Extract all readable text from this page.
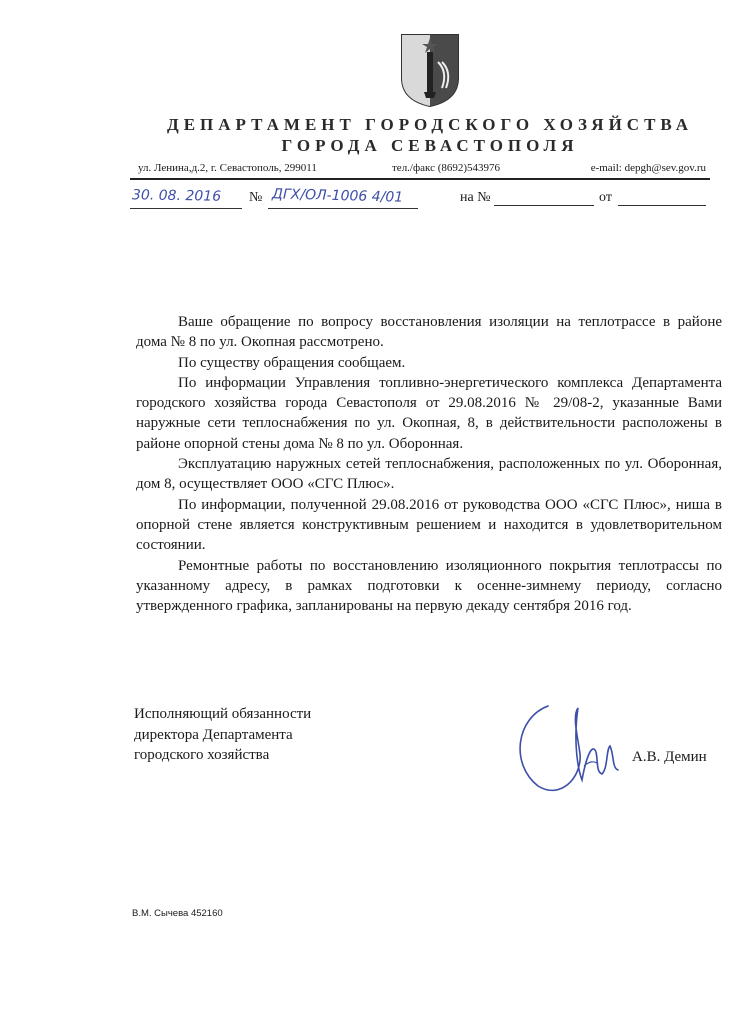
ДЕПАРТАМЕНТ ГОРОДСКОГО ХОЗЯЙСТВА
ГОРОДА СЕВАСТОПОЛЯ
ул. Ленина,д.2, г. Севастополь, 299011	тел./факс (8692)543976	e-mail: depgh@sev.gov.ru
30. 08. 2016 № ДГХ/ОЛ-1006 4/01	на №	от

Ваше обращение по вопросу восстановления изоляции на теплотрассе в районе дома № 8 по ул. Окопная рассмотрено.

По существу обращения сообщаем.

По информации Управления топливно-энергетического комплекса Департамента городского хозяйства города Севастополя от 29.08.2016 № 29/08-2, указанные Вами наружные сети теплоснабжения по ул. Окопная, 8, в действительности расположены в районе опорной стены дома № 8 по ул. Оборонная.

Эксплуатацию наружных сетей теплоснабжения, расположенных по ул. Оборонная, дом 8, осуществляет ООО «СГС Плюс».

По информации, полученной 29.08.2016 от руководства ООО «СГС Плюс», ниша в опорной стене является конструктивным решением и находится в удовлетворительном состоянии.

Ремонтные работы по восстановлению изоляционного покрытия теплотрассы по указанному адресу, в рамках подготовки к осенне-зимнему периоду, согласно утвержденного графика, запланированы на первую декаду сентября 2016 год.

Исполняющий обязанности
директора Департамента
городского хозяйства	А.В. Демин
В.М. Сычева 452160
